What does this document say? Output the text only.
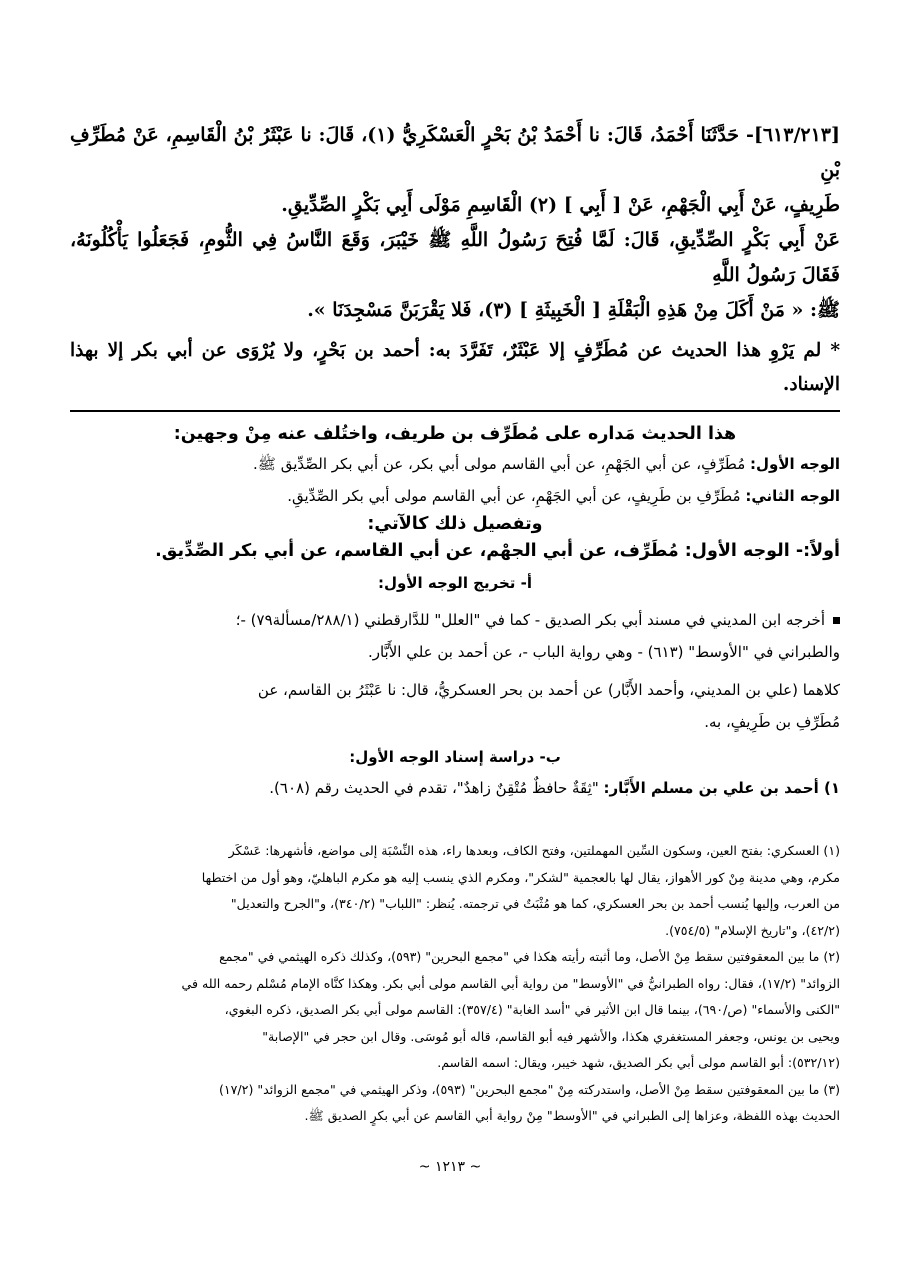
[٦١٣/٢١٣]- حَدَّثَنَا أَحْمَدُ، قَالَ: نا أَحْمَدُ بْنُ بَحْرٍ الْعَسْكَرِيُّ (١)، قَالَ: نا عَبْثَرُ بْنُ الْقَاسِمِ، عَنْ مُطَرِّفِ بْنِ

طَرِيفٍ، عَنْ أَبِي الْجَهْمِ، عَنْ [ أَبِي ] (٢) الْقَاسِمِ مَوْلَى أَبِي بَكْرٍ الصِّدِّيقِ.

عَنْ أَبِي بَكْرٍ الصِّدِّيقِ، قَالَ: لَمَّا فُتِحَ رَسُولُ اللَّهِ ﷺ خَيْبَرَ، وَقَعَ النَّاسُ فِي الثُّومِ، فَجَعَلُوا يَأْكُلُونَهُ، فَقَالَ رَسُولُ اللَّهِ

ﷺ: « مَنْ أَكَلَ مِنْ هَذِهِ الْبَقْلَةِ [ الْخَبِيثَةِ ] (٣)، فَلا يَقْرَبَنَّ مَسْجِدَنَا ».

* لم يَرْوِ هذا الحديث عن مُطَرِّفٍ إلا عَبْثَرٌ، تَفَرَّدَ به: أحمد بن بَحْرٍ، ولا يُرْوَى عن أبي بكر إلا بهذا الإسناد.

هذا الحديث مَداره على مُطَرِّف بن طريف، واختُلف عنه مِنْ وجهين:

الوجه الأول: مُطَرِّفٍ، عن أبي الجَهْمِ، عن أبي القاسم مولى أبي بكر، عن أبي بكر الصِّدِّيق ﷺ.

الوجه الثاني: مُطَرِّفِ بن طَرِيفٍ، عن أبي الجَهْمِ، عن أبي القاسم مولى أبي بكر الصِّدِّيقِ.

وتفصيل ذلك كالآتي:

أولاً:- الوجه الأول: مُطَرِّف، عن أبي الجهْم، عن أبي القاسم، عن أبي بكر الصِّدِّيق.

أ- تخريج الوجه الأول:

أخرجه ابن المديني في مسند أبي بكر الصديق - كما في "العلل" للدَّارقطني (٢٨٨/١/مسألة٧٩) -؛

والطبراني في "الأوسط" (٦١٣) - وهي رواية الباب -، عن أحمد بن علي الأَبَّار.

كلاهما (علي بن المديني، وأحمد الأَبَّار) عن أحمد بن بحر العسكريُّ، قال: نا عَبْثَرُ بن القاسم، عن

مُطَرِّفِ بن طَرِيفٍ، به.

ب- دراسة إسناد الوجه الأول:

١) أحمد بن علي بن مسلم الأَبَّار: "ثِقَةٌ حافظٌ مُتْقِنٌ زاهدٌ"، تقدم في الحديث رقم (٦٠٨).

(١) العسكري: بفتح العين، وسكون السِّين المهملتين، وفتح الكاف، وبعدها راء، هذه النِّسْبَة إلى مواضع، فأشهرها: عَسْكَر

مكرم، وهي مدينة مِنْ كور الأهواز، يقال لها بالعجمية "لشكر"، ومكرم الذي ينسب إليه هو مكرم الباهليّ، وهو أول من اختطها

من العرب، وإليها يُنسب أحمد بن بحر العسكري، كما هو مُثْبَتٌ في ترجمته. يُنظر: "اللباب" (٣٤٠/٢)، و"الجرح والتعديل"

(٤٢/٢)، و"تاريخ الإسلام" (٧٥٤/٥).

(٢) ما بين المعقوفتين سقط مِنْ الأصل، وما أثبته رأيته هكذا في "مجمع البحرين" (٥٩٣)، وكذلك ذكره الهيثمي في "مجمع

الزوائد" (١٧/٢)، فقال: رواه الطبرانيُّ في "الأوسط" من رواية أبي القاسم مولى أبي بكر. وهكذا كنَّاه الإمام مُسْلم رحمه الله في

"الكنى والأسماء" (ص/٦٩٠)، بينما قال ابن الأثير في "أسد الغابة" (٣٥٧/٤): القاسم مولى أبي بكر الصديق، ذكره البغوي،

ويحيى بن يونس، وجعفر المستغفري هكذا، والأشهر فيه أبو القاسم، قاله أبو مُوسَى. وقال ابن حجر في "الإصابة"

(٥٣٢/١٢): أبو القاسم مولى أبي بكر الصديق، شهد خيبر، ويقال: اسمه القاسم.

(٣) ما بين المعقوفتين سقط مِنْ الأصل، واستدركته مِنْ "مجمع البحرين" (٥٩٣)، وذكر الهيثمي في "مجمع الزوائد" (١٧/٢)

الحديث بهذه اللفظة، وعزاها إلى الطبراني في "الأوسط" مِنْ رواية أبي القاسم عن أبي بكرٍ الصديق ﷺ.

~ ١٢١٣ ~
